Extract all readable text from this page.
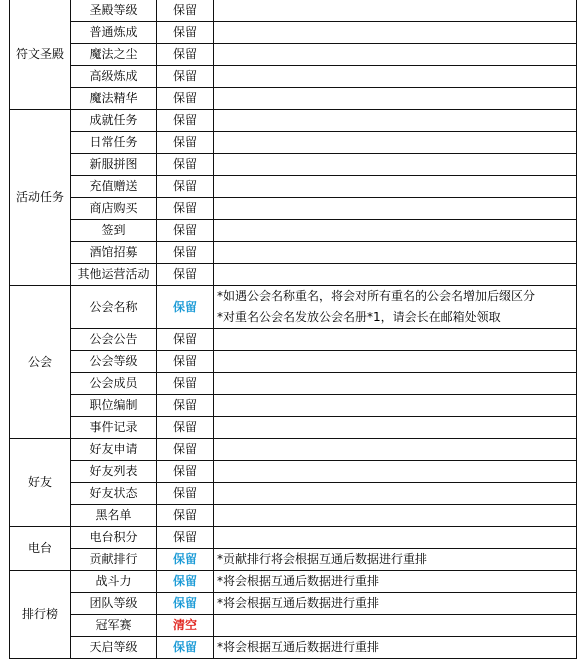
符文圣殿	圣殿等级	保留	
	普通炼成	保留	
	魔法之尘	保留	
	高级炼成	保留	
	魔法精华	保留	
活动任务	成就任务	保留	
	日常任务	保留	
	新服拼图	保留	
	充值赠送	保留	
	商店购买	保留	
	签到	保留	
	酒馆招募	保留	
	其他运营活动	保留	
公会	公会名称	保留	*如遇公会名称重名，将会对所有重名的公会名增加后缀区分
*对重名公会名发放公会名册*1，请会长在邮箱处领取

	公会公告	保留	
	公会等级	保留	
	公会成员	保留	
	职位编制	保留	
	事件记录	保留	
好友	好友申请	保留	
	好友列表	保留	
	好友状态	保留	
	黑名单	保留	
电台	电台积分	保留	
	贡献排行	保留	*贡献排行将会根据互通后数据进行重排

排行榜	战斗力	保留	*将会根据互通后数据进行重排

	团队等级	保留	*将会根据互通后数据进行重排

	冠军赛	清空	
	天启等级	保留	*将会根据互通后数据进行重排
